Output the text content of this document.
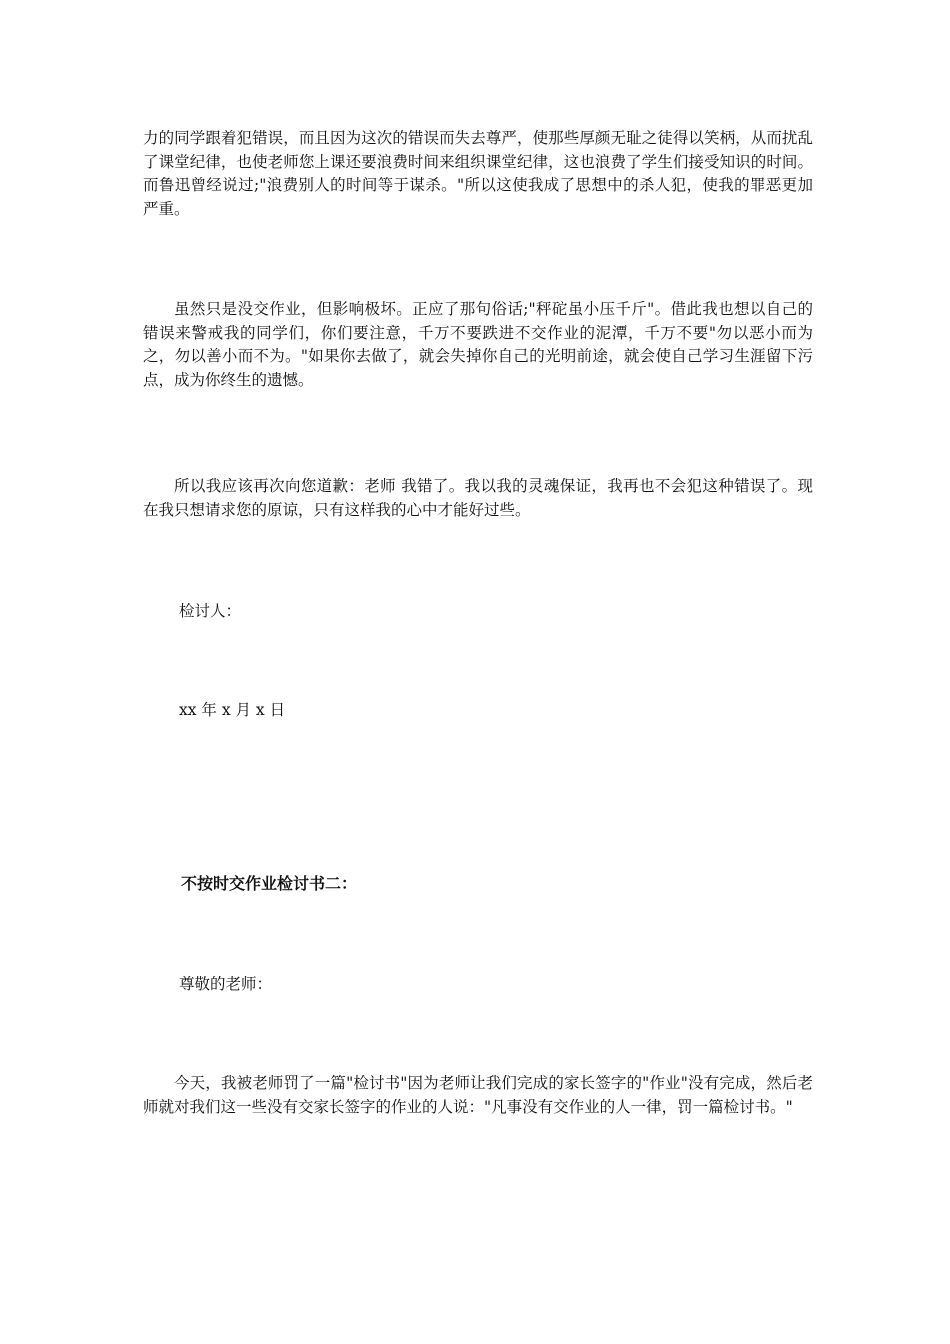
力的同学跟着犯错误，而且因为这次的错误而失去尊严，使那些厚颜无耻之徒得以笑柄，从而扰乱了课堂纪律，也使老师您上课还要浪费时间来组织课堂纪律，这也浪费了学生们接受知识的时间。而鲁迅曾经说过;"浪费别人的时间等于谋杀。"所以这使我成了思想中的杀人犯，使我的罪恶更加严重。

虽然只是没交作业，但影响极坏。正应了那句俗话;"秤砣虽小压千斤"。借此我也想以自己的错误来警戒我的同学们，你们要注意，千万不要跌进不交作业的泥潭，千万不要"勿以恶小而为之，勿以善小而不为。"如果你去做了，就会失掉你自己的光明前途，就会使自己学习生涯留下污点，成为你终生的遗憾。

所以我应该再次向您道歉：老师 我错了。我以我的灵魂保证，我再也不会犯这种错误了。现在我只想请求您的原谅，只有这样我的心中才能好过些。

检讨人：

xx 年 x 月 x 日

不按时交作业检讨书二：

尊敬的老师：

今天，我被老师罚了一篇"检讨书"因为老师让我们完成的家长签字的"作业"没有完成，然后老师就对我们这一些没有交家长签字的作业的人说："凡事没有交作业的人一律，罚一篇检讨书。"
